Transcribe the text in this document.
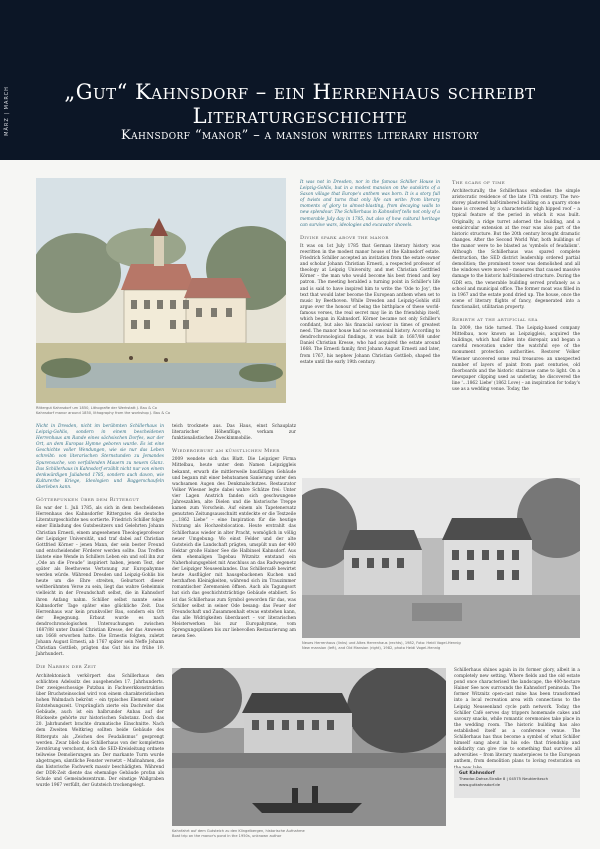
MÄRZ | MARCH	„Gut“ Kahnsdorf – ein Herrenhaus schreibt Literaturgeschichte
Kahnsdorf “manor” – a mansion writes literary history
Rittergut Kahnsdorf um 1850, Lithografie der Werkstatt J. Bau & Co
Kahnsdorf manor around 1850, lithography from the workshop J. Bau & Co

It was not in Dresden, nor in the famous Schiller House in Leipzig-Gohlis, but in a modest mansion on the outskirts of a Saxon village that Europe's anthem was born. It is a story full of twists and turns that only life can write: from literary moments of glory to almost-blasting, from decaying walls to new splendour. The Schillerhaus in Kahnsdorf tells not only of a memorable July day in 1785, but also of how cultural heritage can survive wars, ideologies and excavator shovels.

Divine spark above the manor

It was on 1st July 1785 that German literary history was rewritten in the modest manor house of the Kahnsdorf estate. Friedrich Schiller accepted an invitation from the estate owner and scholar Johann Christian Ernesti, a respected professor of theology at Leipzig University, and met Christian Gottfried Körner – the man who would become his best friend and key patron. The meeting heralded a turning point in Schiller's life and is said to have inspired him to write the 'Ode to Joy', the text that would later become the European anthem when set to music by Beethoven. While Dresden and Leipzig-Gohlis still argue over the honour of being the birthplace of these world-famous verses, the real secret may lie in the friendship itself, which began in Kahnsdorf. Körner became not only Schiller's confidant, but also his financial saviour in times of greatest need. The manor house had no ceremonial history. According to dendrochronological findings, it was built in 1687/88 under Daniel Christian Kresse, who had acquired the estate around 1668. The Ernesti family, first Johann August Ernesti and later, from 1767, his nephew Johann Christian Gottlieb, shaped the estate until the early 19th century.

The scars of time

Architecturally, the Schillerhaus embodies the simple aristocratic residence of the late 17th century. The two-storey plastered half-timbered building on a quarry stone base is crowned by a characteristic high hipped roof – a typical feature of the period in which it was built. Originally, a ridge turret adorned the building, and a semicircular extension at the rear was also part of the historic structure. But the 20th century brought dramatic changes. After the Second World War, both buildings of the manor were to be blasted as 'symbols of feudalism'. Although the Schillerhaus was spared complete destruction, the SED district leadership ordered partial demolition; the prominent tower was demolished and all the windows were moved – measures that caused massive damage to the historic half-timbered structure. During the GDR era, the venerable building served profanely as a school and municipal office. The former moat was filled in in 1967 and the estate pond dried up. The house, once the scene of literary flights of fancy, degenerated into a functionalist, utilitarian property.

Rebirth at the artificial sea

In 2009, the tide turned. The Leipzig-based company Mittelbau, now known as Leipziggleis, acquired the buildings, which had fallen into disrepair, and began a careful renovation under the watchful eye of the monument protection authorities. Restorer Volker Wiesner uncovered some real treasures: an unexpected number of layers of paint from past centuries, old floorboards and the historic staircase came to light. On a newspaper clipping used as underlay, he discovered the line '…1862 Liebe' (1862 Love) – an inspiration for today's use as a wedding venue. Today, the

Nicht in Dresden, nicht im berühmten Schillerhaus in Leipzig-Gohlis, sondern in einem bescheidenen Herrenhaus am Rande eines sächsischen Dorfes, war der Ort, an dem Europas Hymne geboren wurde. Es ist eine Geschichte voller Wendungen, wie sie nur das Leben schreibt: von literarischen Sternstunden zu Jemandes Spurensuche, von verfallenden Mauern zu neuem Glanz. Das Schillerhaus in Kahnsdorf erzählt nicht nur von einem denkwürdigen Juliabend 1785, sondern auch davon, wie Kulturerbe Kriege, Ideologien und Baggerschaufeln überleben kann.

Götterfunken über dem Rittergut

Es war der 1. Juli 1785, als sich in dem bescheidenen Herrenhaus des Kahnsdorfer Rittergutes die deutsche Literaturgeschichte neu sortierte. Friedrich Schiller folgte einer Einladung des Gutsbesitzers und Gelehrten Johann Christian Ernesti, einem angesehenen Theologieprofessor der Leipziger Universität, und traf dabei auf Christian Gottfried Körner – jenen Mann, der sein bester Freund und entscheidender Förderer werden sollte. Das Treffen läutete eine Wende in Schillers Leben ein und soll ihn zur „Ode an die Freude“ inspiriert haben, jenem Text, der später als Beethovens Vertonung zur Europahymne werden würde. Während Dresden und Leipzig-Gohlis bis heute um die Ehre streiten, Geburtsort dieser weltberühmten Verse zu sein, liegt das wahre Geheimnis vielleicht in der Freundschaft selbst, die in Kahnsdorf ihren Anfang nahm. Schiller selbst nannte seine Kahnsdorfer Tage später eine glückliche Zeit. Das Herrenhaus war kein prunkvoller Bau, sondern ein Ort der Begegnung. Erbaut wurde es nach dendrochronologischen Untersuchungen zwischen 1687/88 unter Daniel Christian Kresse, der das Anwesen um 1668 erworben hatte. Die Ernestis folgten, zuletzt Johann August Ernesti, ab 1767 später sein Neffe Johann Christian Gottlieb, prägten das Gut bis ins frühe 19. Jahrhundert.

Die Narben der Zeit

Architektonisch verkörpert das Schillerhaus den schlichten Adelssitz des ausgehenden 17. Jahrhunderts. Der zweigeschossige Putzbau in Fachwerkkonstruktion über Bruchsteinsockel wird von einem charakteristischen hohen Walmdach bekrönt – ein typisches Element seiner Entstehungszeit. Ursprünglich zierte ein Dachreiter das Gebäude, auch ist ein halbrunder Anbau auf der Rückseite gehörte zur historischen Substanz. Doch das 20. Jahrhundert brachte dramatische Einschnitte. Nach dem Zweiten Weltkrieg sollten beide Gebäude des Ritterguts als „Zeichen des Feudalismus“ gesprengt werden. Zwar blieb das Schillerhaus von der kompletten Zerstörung verschont, doch die SED-Kreisleitung ordnete teilweise Demolierungen an: Der markante Turm wurde abgetragen, sämtliche Fenster versetzt – Maßnahmen, die das historische Fachwerk massiv beschädigten. Während der DDR-Zeit diente das ehemalige Gebäude profan als Schule und Gemeindezentrum. Der einstige Wallgraben wurde 1967 verfüllt, der Gutsteich trockengelegt.

teich trocknete aus. Das Haus, einst Schauplatz literarischer Höhenflüge, verkam zur funktionalistischen Zweckimmobilie.

Wiedergeburt am künstlichen Meer

2009 wendete sich das Blatt. Die Leipziger Firma Mittelbau, heute unter dem Namen Leipziggleis bekannt, erwarb die mittlerweile baufälligen Gebäude und begann mit einer behutsamen Sanierung unter den wachsamen Augen des Denkmalschutzes. Restaurator Volker Wiesner legte dabei wahre Schätze frei: Unter vier Lagen Anstrich fanden sich geschwungene Jahreszahlen, alte Dielen und die historische Treppe kamen zum Vorschein. Auf einem als Tapetenersatz genutzten Zeitungsausschnitt entdeckte er die Textzeile „…1862 Liebe“ – eine Inspiration für die heutige Nutzung als Hochzeitslocation. Heute erstrahlt das Schillerhaus wieder in alter Pracht, womöglich in völlig neuer Umgebung: Wo einst Felder und der alte Gutsteich die Landschaft prägten, umspült nun der 400 Hektar große Hainer See die Halbinsel Kahnsdorf. Aus dem ehemaligen Tagebau Witznitz entstand ein Naherholungsgebiet mit Anschluss an das Radwegenetz der Leipziger Neuseenlandes. Das Schillercafé bewirtet heute Ausflügler mit hausgebackenen Kuchen und herzhaften Kleinigkeiten, während sich im Trauzimmer romantischer Zeremonien öffnen. Auch als Tagungsort hat sich das geschichtsträchtige Gebäude etabliert. So ist das Schillerhaus zum Symbol geworden für das, was Schiller selbst in seiner Ode besang: das Feuer der Freundschaft und Zusammenhalt etwas entstehen kann, das alle Widrigkeiten überdauert – vor literarischen Meisterwerken bis zur Europahymne, vom Sprengungsplänen bis zur liebevollen Restaurierung am neuen See.

Neues Herrenhaus (links) und Altes Herrenhaus (rechts), 1982, Foto: Heidi Vogel-Hennig
New mansion (left), and Old Mansion (right), 1982, photo Heidi Vogel-Hennig
Kahnfahrt auf dem Gutsteich zu den Klingelbergen, historische Aufnahme
Boat trip on the manor's pond in the 1950s, unknown author

Schillerhaus shines again in its former glory, albeit in a completely new setting. Where fields and the old estate pond once characterised the landscape, the 400-hectare Hainer See now surrounds the Kahnsdorf peninsula. The former Witznitz open-cast mine has been transformed into a local recreation area with connections to the Leipzig Neuseenland cycle path network. Today, the Schiller Café serves day trippers homemade cakes and savoury snacks, while romantic ceremonies take place in the wedding room. The historic building has also established itself as a conference venue. The Schillerhaus has thus become a symbol of what Schiller himself sang about in his ode: that friendship and solidarity can give rise to something that survives all adversities – from literary masterpieces to the European anthem, from demolition plans to loving restoration on

Gut Kahnsdorf
Theodor-Dahse-Straße 8 | 04575 Neukieritzsch
www.gutkahnsdorf.de
